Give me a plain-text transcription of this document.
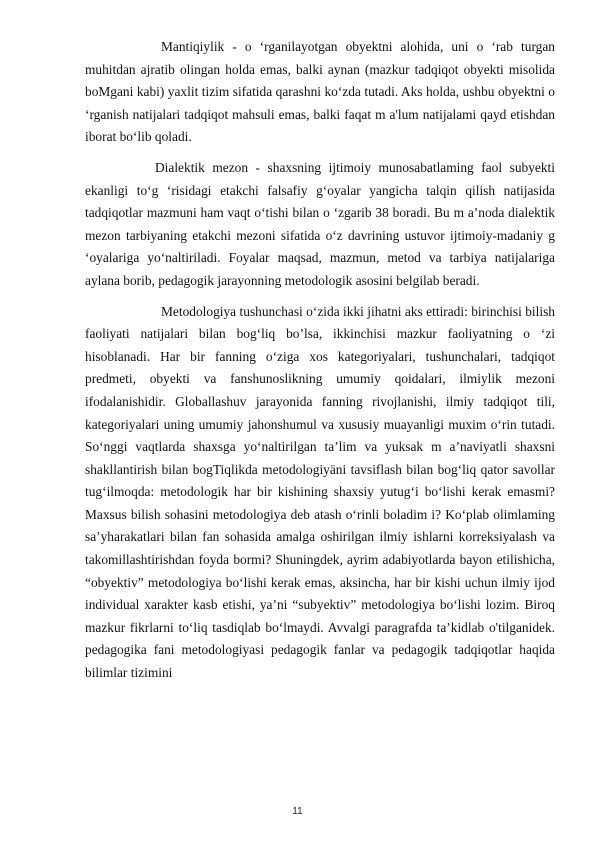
Mantiqiylik - o ‘rganilayotgan obyektni alohida, uni o ‘rab turgan muhitdan ajratib olingan holda emas, balki aynan (mazkur tadqiqot obyekti misolida boMgani kabi) yaxlit tizim sifatida qarashni ko‘zda tutadi. Aks holda, ushbu obyektni o ‘rganish natijalari tadqiqot mahsuli emas, balki faqat m a'lum natijalami qayd etishdan iborat bo‘lib qoladi.

Dialektik mezon - shaxsning ijtimoiy munosabatlaming faol subyekti ekanligi to‘g ‘risidagi etakchi falsafiy g‘oyalar yangicha talqin qilish natijasida tadqiqotlar mazmuni ham vaqt o‘tishi bilan o ‘zgarib 38 boradi. Bu m a’noda dialektik mezon tarbiyaning etakchi mezoni sifatida o‘z davrining ustuvor ijtimoiy-madaniy g ‘oyalariga yo‘naltiriladi. Foyalar maqsad, mazmun, metod va tarbiya natijalariga aylana borib, pedagogik jarayonning metodologik asosini belgilab beradi.

Metodologiya tushunchasi o‘zida ikki jihatni aks ettiradi: birinchisi bilish faoliyati natijalari bilan bog‘liq bo’lsa, ikkinchisi mazkur faoliyatning o ‘zi hisoblanadi. Har bir fanning o‘ziga xos kategoriyalari, tushunchalari, tadqiqot predmeti, obyekti va fanshunoslikning umumiy qoidalari, ilmiylik mezoni ifodalanishidir. Globallashuv jarayonida fanning rivojlanishi, ilmiy tadqiqot tili, kategoriyalari uning umumiy jahonshumul va xususiy muayanligi muxim o‘rin tutadi. So‘nggi vaqtlarda shaxsga yo‘naltirilgan ta’lim va yuksak m a’naviyatli shaxsni shakllantirish bilan bogTiqlikda metodologiyäni tavsiflash bilan bog‘liq qator savollar tug‘ilmoqda: metodologik har bir kishining shaxsiy yutug‘i bo‘lishi kerak emasmi? Maxsus bilish sohasini metodologiya deb atash o‘rinli boladim i? Ko‘plab olimlaming sa’yharakatlari bilan fan sohasida amalga oshirilgan ilmiy ishlarni korreksiyalash va takomillashtirishdan foyda bormi? Shuningdek, ayrim adabiyotlarda bayon etilishicha, “obyektiv” metodologiya bo‘lishi kerak emas, aksincha, har bir kishi uchun ilmiy ijod individual xarakter kasb etishi, ya’ni “subyektiv” metodologiya bo‘lishi lozim. Biroq mazkur fikrlarni to‘liq tasdiqlab bo‘lmaydi. Avvalgi paragrafda ta’kidlab o'tilganidek. pedagogika fani metodologiyasi pedagogik fanlar va pedagogik tadqiqotlar haqida bilimlar tizimini

11
